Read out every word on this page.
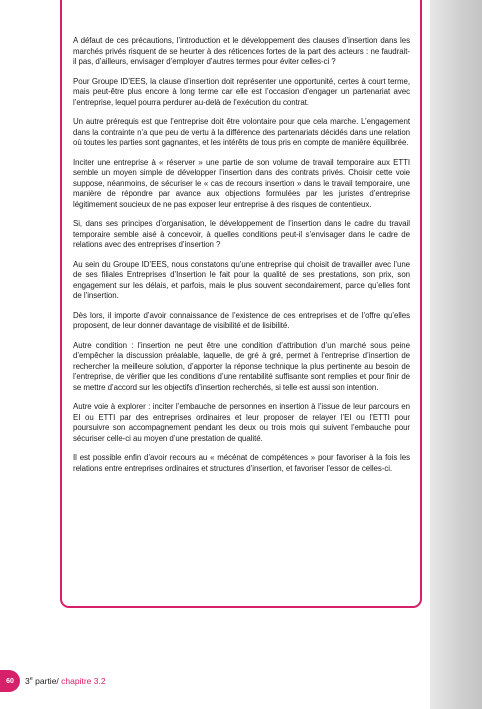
A défaut de ces précautions, l’introduction et le développement des clauses d’insertion dans les marchés privés risquent de se heurter à des réticences fortes de la part des acteurs : ne faudrait-il pas, d’ailleurs, envisager d’employer d’autres termes pour éviter celles-ci ?

Pour Groupe ID’EES, la clause d’insertion doit représenter une opportunité, certes à court terme, mais peut-être plus encore à long terme car elle est l’occasion d’engager un partenariat avec l’entreprise, lequel pourra perdurer au-delà de l’exécution du contrat.

Un autre prérequis est que l’entreprise doit être volontaire pour que cela marche. L’engagement dans la contrainte n’a que peu de vertu à la différence des partenariats décidés dans une relation où toutes les parties sont gagnantes, et les intérêts de tous pris en compte de manière équilibrée.

Inciter une entreprise à « réserver » une partie de son volume de travail temporaire aux ETTI semble un moyen simple de développer l’insertion dans des contrats privés. Choisir cette voie suppose, néanmoins, de sécuriser le « cas de recours insertion » dans le travail temporaire, une manière de répondre par avance aux objections formulées par les juristes d’entreprise légitimement soucieux de ne pas exposer leur entreprise à des risques de contentieux.

Si, dans ses principes d’organisation, le développement de l’insertion dans le cadre du travail temporaire semble aisé à concevoir, à quelles conditions peut-il s’envisager dans le cadre de relations avec des entreprises d’insertion ?

Au sein du Groupe ID’EES, nous constatons qu’une entreprise qui choisit de travailler avec l’une de ses filiales Entreprises d’Insertion le fait pour la qualité de ses prestations, son prix, son engagement sur les délais, et parfois, mais le plus souvent secondairement, parce qu’elles font de l’insertion.

Dès lors, il importe d’avoir connaissance de l’existence de ces entreprises et de l’offre qu’elles proposent, de leur donner davantage de visibilité et de lisibilité.

Autre condition : l’insertion ne peut être une condition d’attribution d’un marché sous peine d’empêcher la discussion préalable, laquelle, de gré à gré, permet à l’entreprise d’insertion de rechercher la meilleure solution, d’apporter la réponse technique la plus pertinente au besoin de l’entreprise, de vérifier que les conditions d’une rentabilité suffisante sont remplies et pour finir de se mettre d’accord sur les objectifs d’insertion recherchés, si telle est aussi son intention.

Autre voie à explorer : inciter l’embauche de personnes en insertion à l’issue de leur parcours en EI ou ETTI par des entreprises ordinaires et leur proposer de relayer l’EI ou l’ETTI pour poursuivre son accompagnement pendant les deux ou trois mois qui suivent l’embauche pour sécuriser celle-ci au moyen d’une prestation de qualité.

Il est possible enfin d’avoir recours au « mécénat de compétences » pour favoriser à la fois les relations entre entreprises ordinaires et structures d’insertion, et favoriser l’essor de celles-ci.

60	3e partie/ chapitre 3.2
